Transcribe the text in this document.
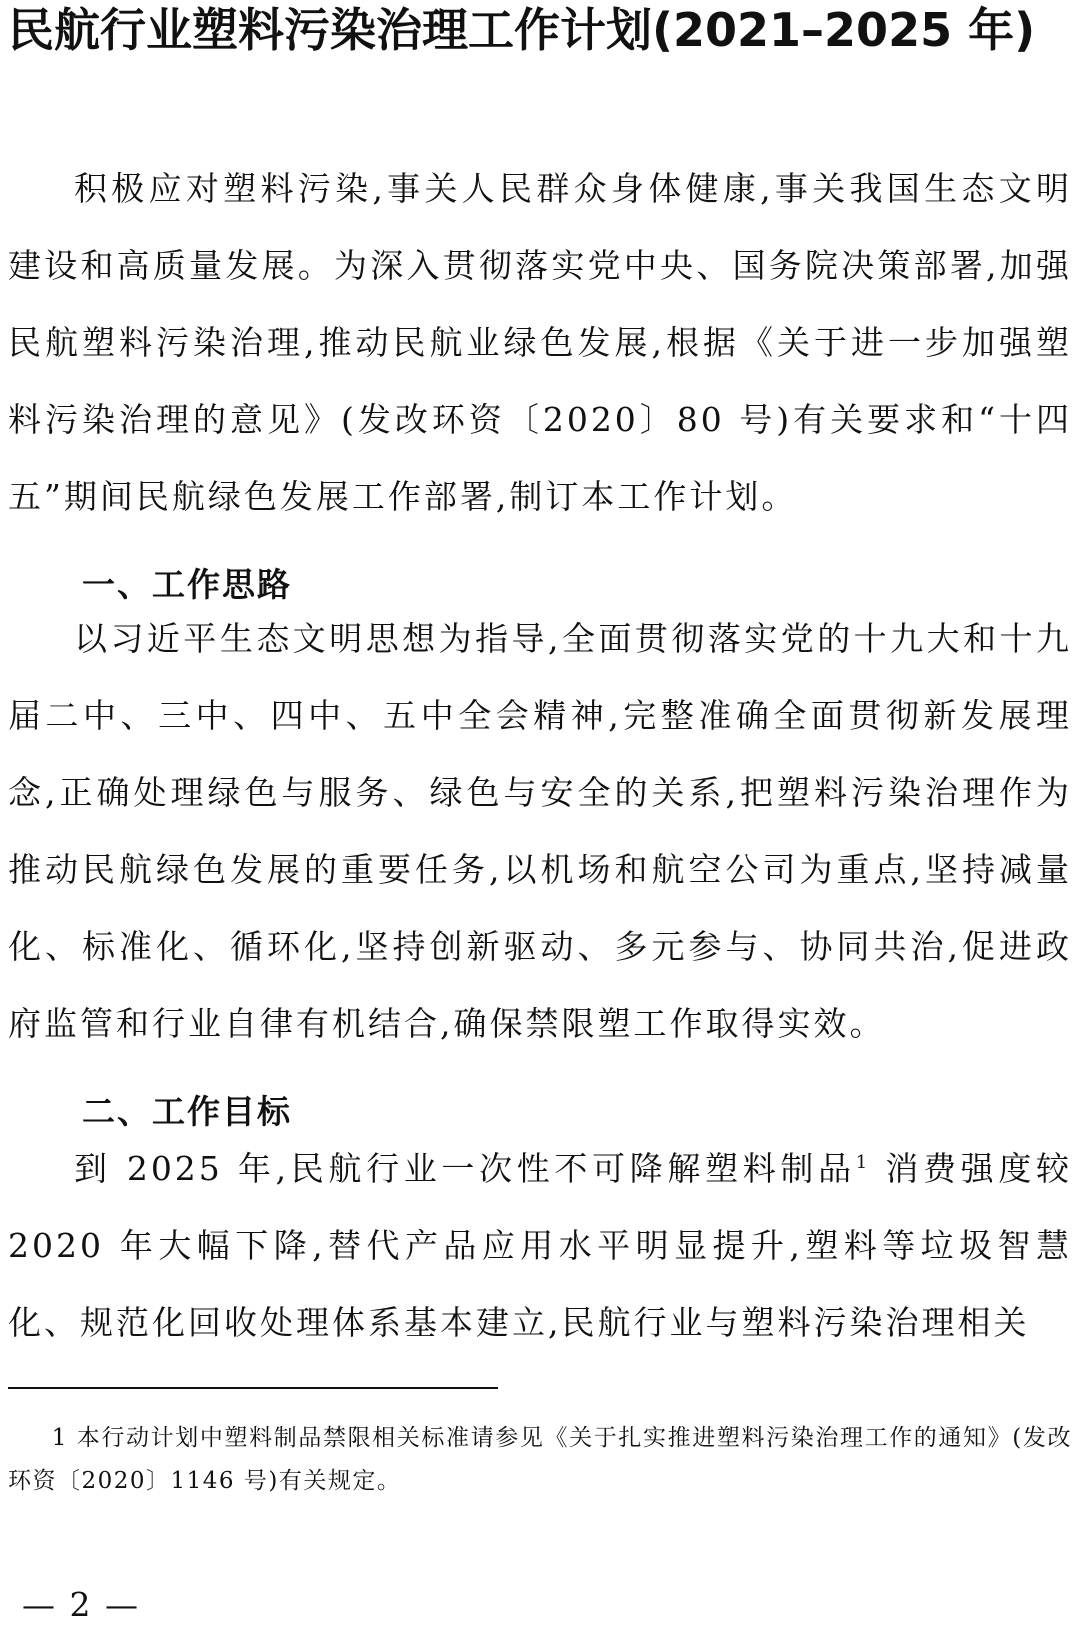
民航行业塑料污染治理工作计划(2021–2025 年)

积极应对塑料污染,事关人民群众身体健康,事关我国生态文明建设和高质量发展。为深入贯彻落实党中央、国务院决策部署,加强民航塑料污染治理,推动民航业绿色发展,根据《关于进一步加强塑料污染治理的意见》(发改环资〔2020〕80 号)有关要求和“十四五”期间民航绿色发展工作部署,制订本工作计划。

一、工作思路

以习近平生态文明思想为指导,全面贯彻落实党的十九大和十九届二中、三中、四中、五中全会精神,完整准确全面贯彻新发展理念,正确处理绿色与服务、绿色与安全的关系,把塑料污染治理作为推动民航绿色发展的重要任务,以机场和航空公司为重点,坚持减量化、标准化、循环化,坚持创新驱动、多元参与、协同共治,促进政府监管和行业自律有机结合,确保禁限塑工作取得实效。

二、工作目标

到 2025 年,民航行业一次性不可降解塑料制品$^1$ 消费强度较 2020 年大幅下降,替代产品应用水平明显提升,塑料等垃圾智慧化、规范化回收处理体系基本建立,民航行业与塑料污染治理相关

1 本行动计划中塑料制品禁限相关标准请参见《关于扎实推进塑料污染治理工作的通知》(发改环资〔2020〕1146 号)有关规定。

— 2 —
